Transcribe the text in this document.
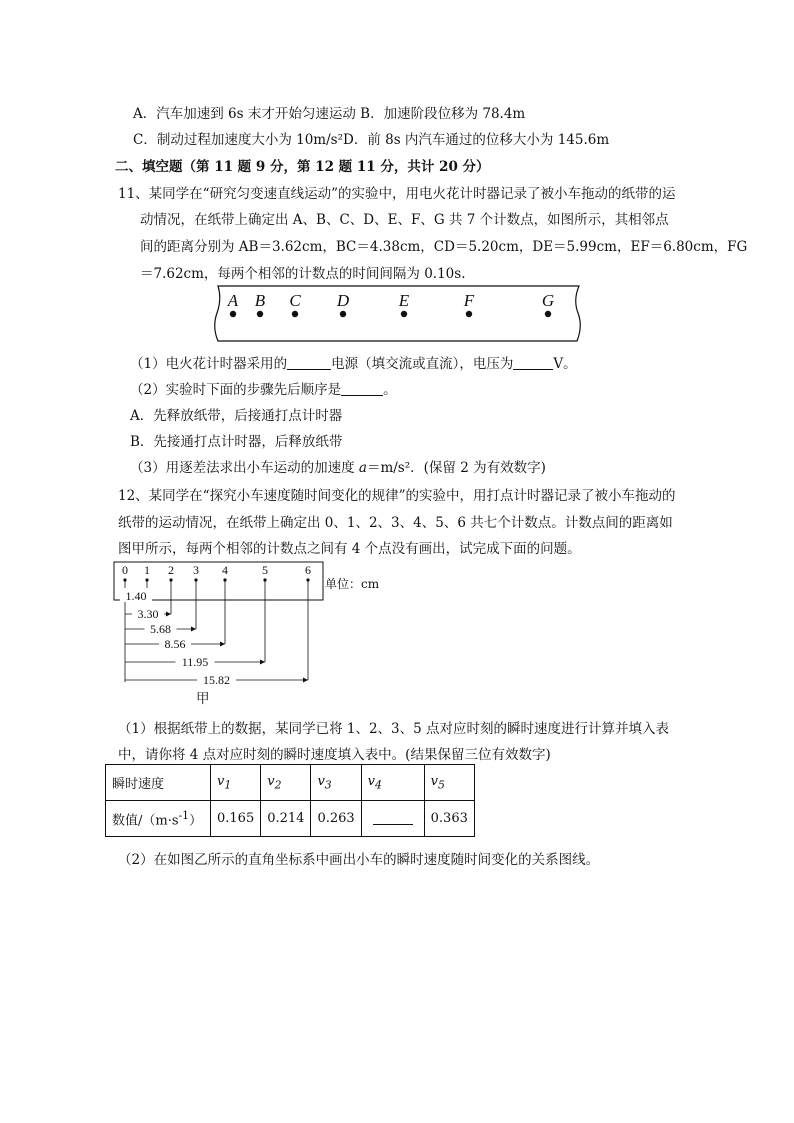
A．汽车加速到 6s 末才开始匀速运动 B．加速阶段位移为 78.4m
C．制动过程加速度大小为 10m/s²D．前 8s 内汽车通过的位移大小为 145.6m
二、填空题（第 11 题 9 分，第 12 题 11 分，共计 20 分）
11、某同学在“研究匀变速直线运动”的实验中，用电火花计时器记录了被小车拖动的纸带的运
动情况，在纸带上确定出 A、B、C、D、E、F、G 共 7 个计数点，如图所示，其相邻点
间的距离分别为 AB＝3.62cm，BC＝4.38cm，CD＝5.20cm，DE＝5.99cm，EF＝6.80cm，FG
＝7.62cm，每两个相邻的计数点的时间间隔为 0.10s.
A B C D	E	F	G
（1）电火花计时器采用的	电源（填交流或直流），电压为	V。
（2）实验时下面的步骤先后顺序是	。
A．先释放纸带，后接通打点计时器
B．先接通打点计时器，后释放纸带
（3）用逐差法求出小车运动的加速度 a＝m/s²．(保留 2 为有效数字)
12、某同学在“探究小车速度随时间变化的规律”的实验中，用打点计时器记录了被小车拖动的
纸带的运动情况，在纸带上确定出 0、1、2、3、4、5、6 共七个计数点。计数点间的距离如
图甲所示，每两个相邻的计数点之间有 4 个点没有画出，试完成下面的问题。
0 1 2 3 4	5	6
1.40
3.30
5.68
8.56
11.95
15.82
单位：cm
甲
（1）根据纸带上的数据，某同学已将 1、2、3、5 点对应时刻的瞬时速度进行计算并填入表
中，请你将 4 点对应时刻的瞬时速度填入表中。(结果保留三位有效数字)
瞬时速度	$v_1$	$v_2$	$v_3$	$v_4$	$v_5$
数值$/(m\cdot s^{-1})$	0.165	0.214	0.263		0.363
（2）在如图乙所示的直角坐标系中画出小车的瞬时速度随时间变化的关系图线。
